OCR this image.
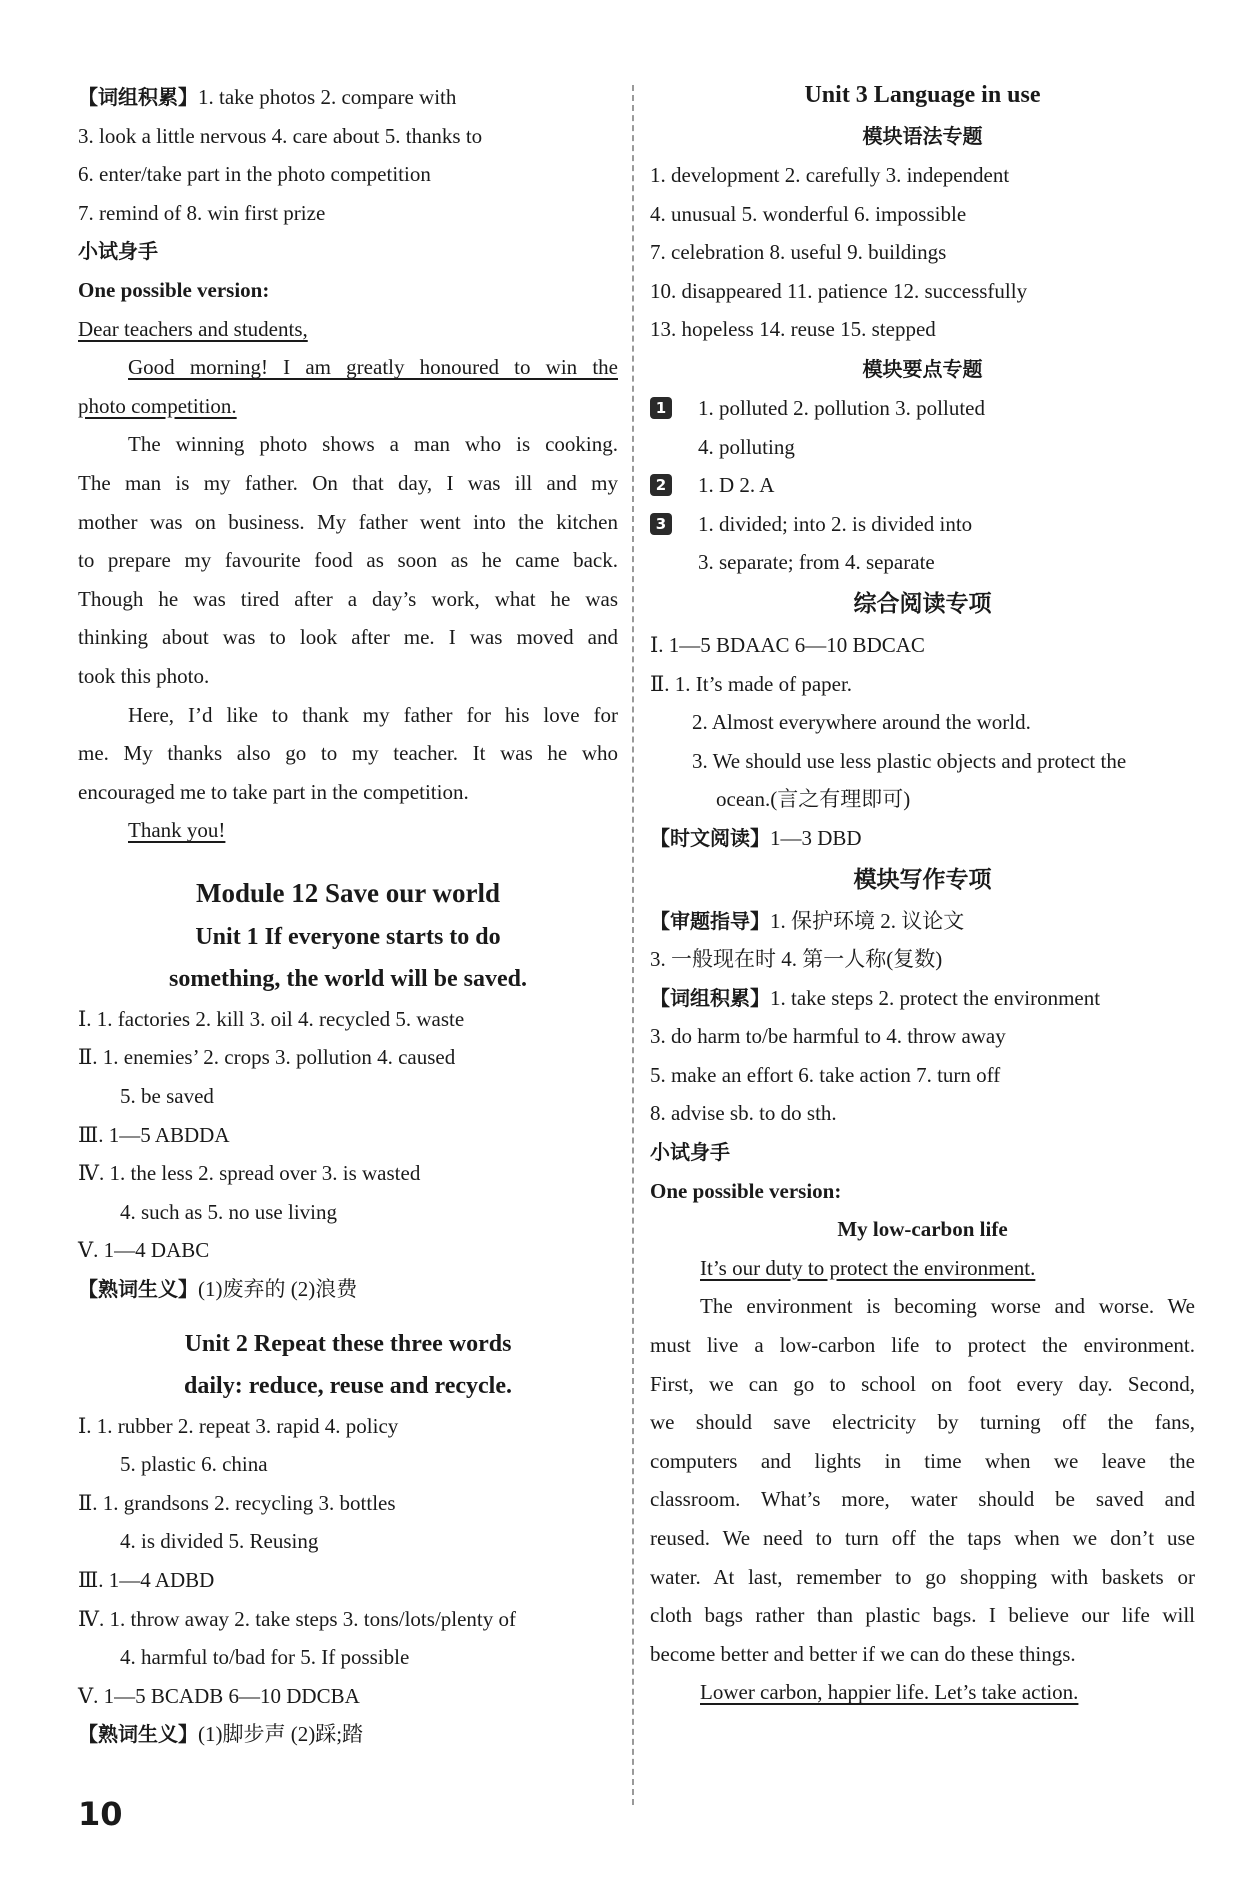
【词组积累】1. take photos 2. compare with
3. look a little nervous 4. care about 5. thanks to
6. enter/take part in the photo competition
7. remind of 8. win first prize
小试身手
One possible version:
Dear teachers and students,
Good morning! I am greatly honoured to win the
photo competition.
The winning photo shows a man who is cooking.
The man is my father. On that day, I was ill and my
mother was on business. My father went into the kitchen
to prepare my favourite food as soon as he came back.
Though he was tired after a day’s work, what he was
thinking about was to look after me. I was moved and
took this photo.
Here, I’d like to thank my father for his love for
me. My thanks also go to my teacher. It was he who
encouraged me to take part in the competition.
Thank you!
Module 12 Save our world
Unit 1 If everyone starts to do
something, the world will be saved.
Ⅰ. 1. factories 2. kill 3. oil 4. recycled 5. waste
Ⅱ. 1. enemies’ 2. crops 3. pollution 4. caused
5. be saved
Ⅲ. 1—5 ABDDA
Ⅳ. 1. the less 2. spread over 3. is wasted
4. such as 5. no use living
Ⅴ. 1—4 DABC
【熟词生义】(1)废弃的 (2)浪费
Unit 2 Repeat these three words
daily: reduce, reuse and recycle.
Ⅰ. 1. rubber 2. repeat 3. rapid 4. policy
5. plastic 6. china
Ⅱ. 1. grandsons 2. recycling 3. bottles
4. is divided 5. Reusing
Ⅲ. 1—4 ADBD
Ⅳ. 1. throw away 2. take steps 3. tons/lots/plenty of
4. harmful to/bad for 5. If possible
Ⅴ. 1—5 BCADB 6—10 DDCBA
【熟词生义】(1)脚步声 (2)踩;踏
Unit 3 Language in use
模块语法专题
1. development 2. carefully 3. independent
4. unusual 5. wonderful 6. impossible
7. celebration 8. useful 9. buildings
10. disappeared 11. patience 12. successfully
13. hopeless 14. reuse 15. stepped
模块要点专题
1 1. polluted 2. pollution 3. polluted
4. polluting
2 1. D 2. A
3 1. divided; into 2. is divided into
3. separate; from 4. separate
综合阅读专项
Ⅰ. 1—5 BDAAC 6—10 BDCAC
Ⅱ. 1. It’s made of paper.
2. Almost everywhere around the world.
3. We should use less plastic objects and protect the
ocean.(言之有理即可)
【时文阅读】1—3 DBD
模块写作专项
【审题指导】1. 保护环境 2. 议论文
3. 一般现在时 4. 第一人称(复数)
【词组积累】1. take steps 2. protect the environment
3. do harm to/be harmful to 4. throw away
5. make an effort 6. take action 7. turn off
8. advise sb. to do sth.
小试身手
One possible version:
My low-carbon life
It’s our duty to protect the environment.
The environment is becoming worse and worse. We
must live a low-carbon life to protect the environment.
First, we can go to school on foot every day. Second,
we should save electricity by turning off the fans,
computers and lights in time when we leave the
classroom. What’s more, water should be saved and
reused. We need to turn off the taps when we don’t use
water. At last, remember to go shopping with baskets or
cloth bags rather than plastic bags. I believe our life will
become better and better if we can do these things.
Lower carbon, happier life. Let’s take action.
10
